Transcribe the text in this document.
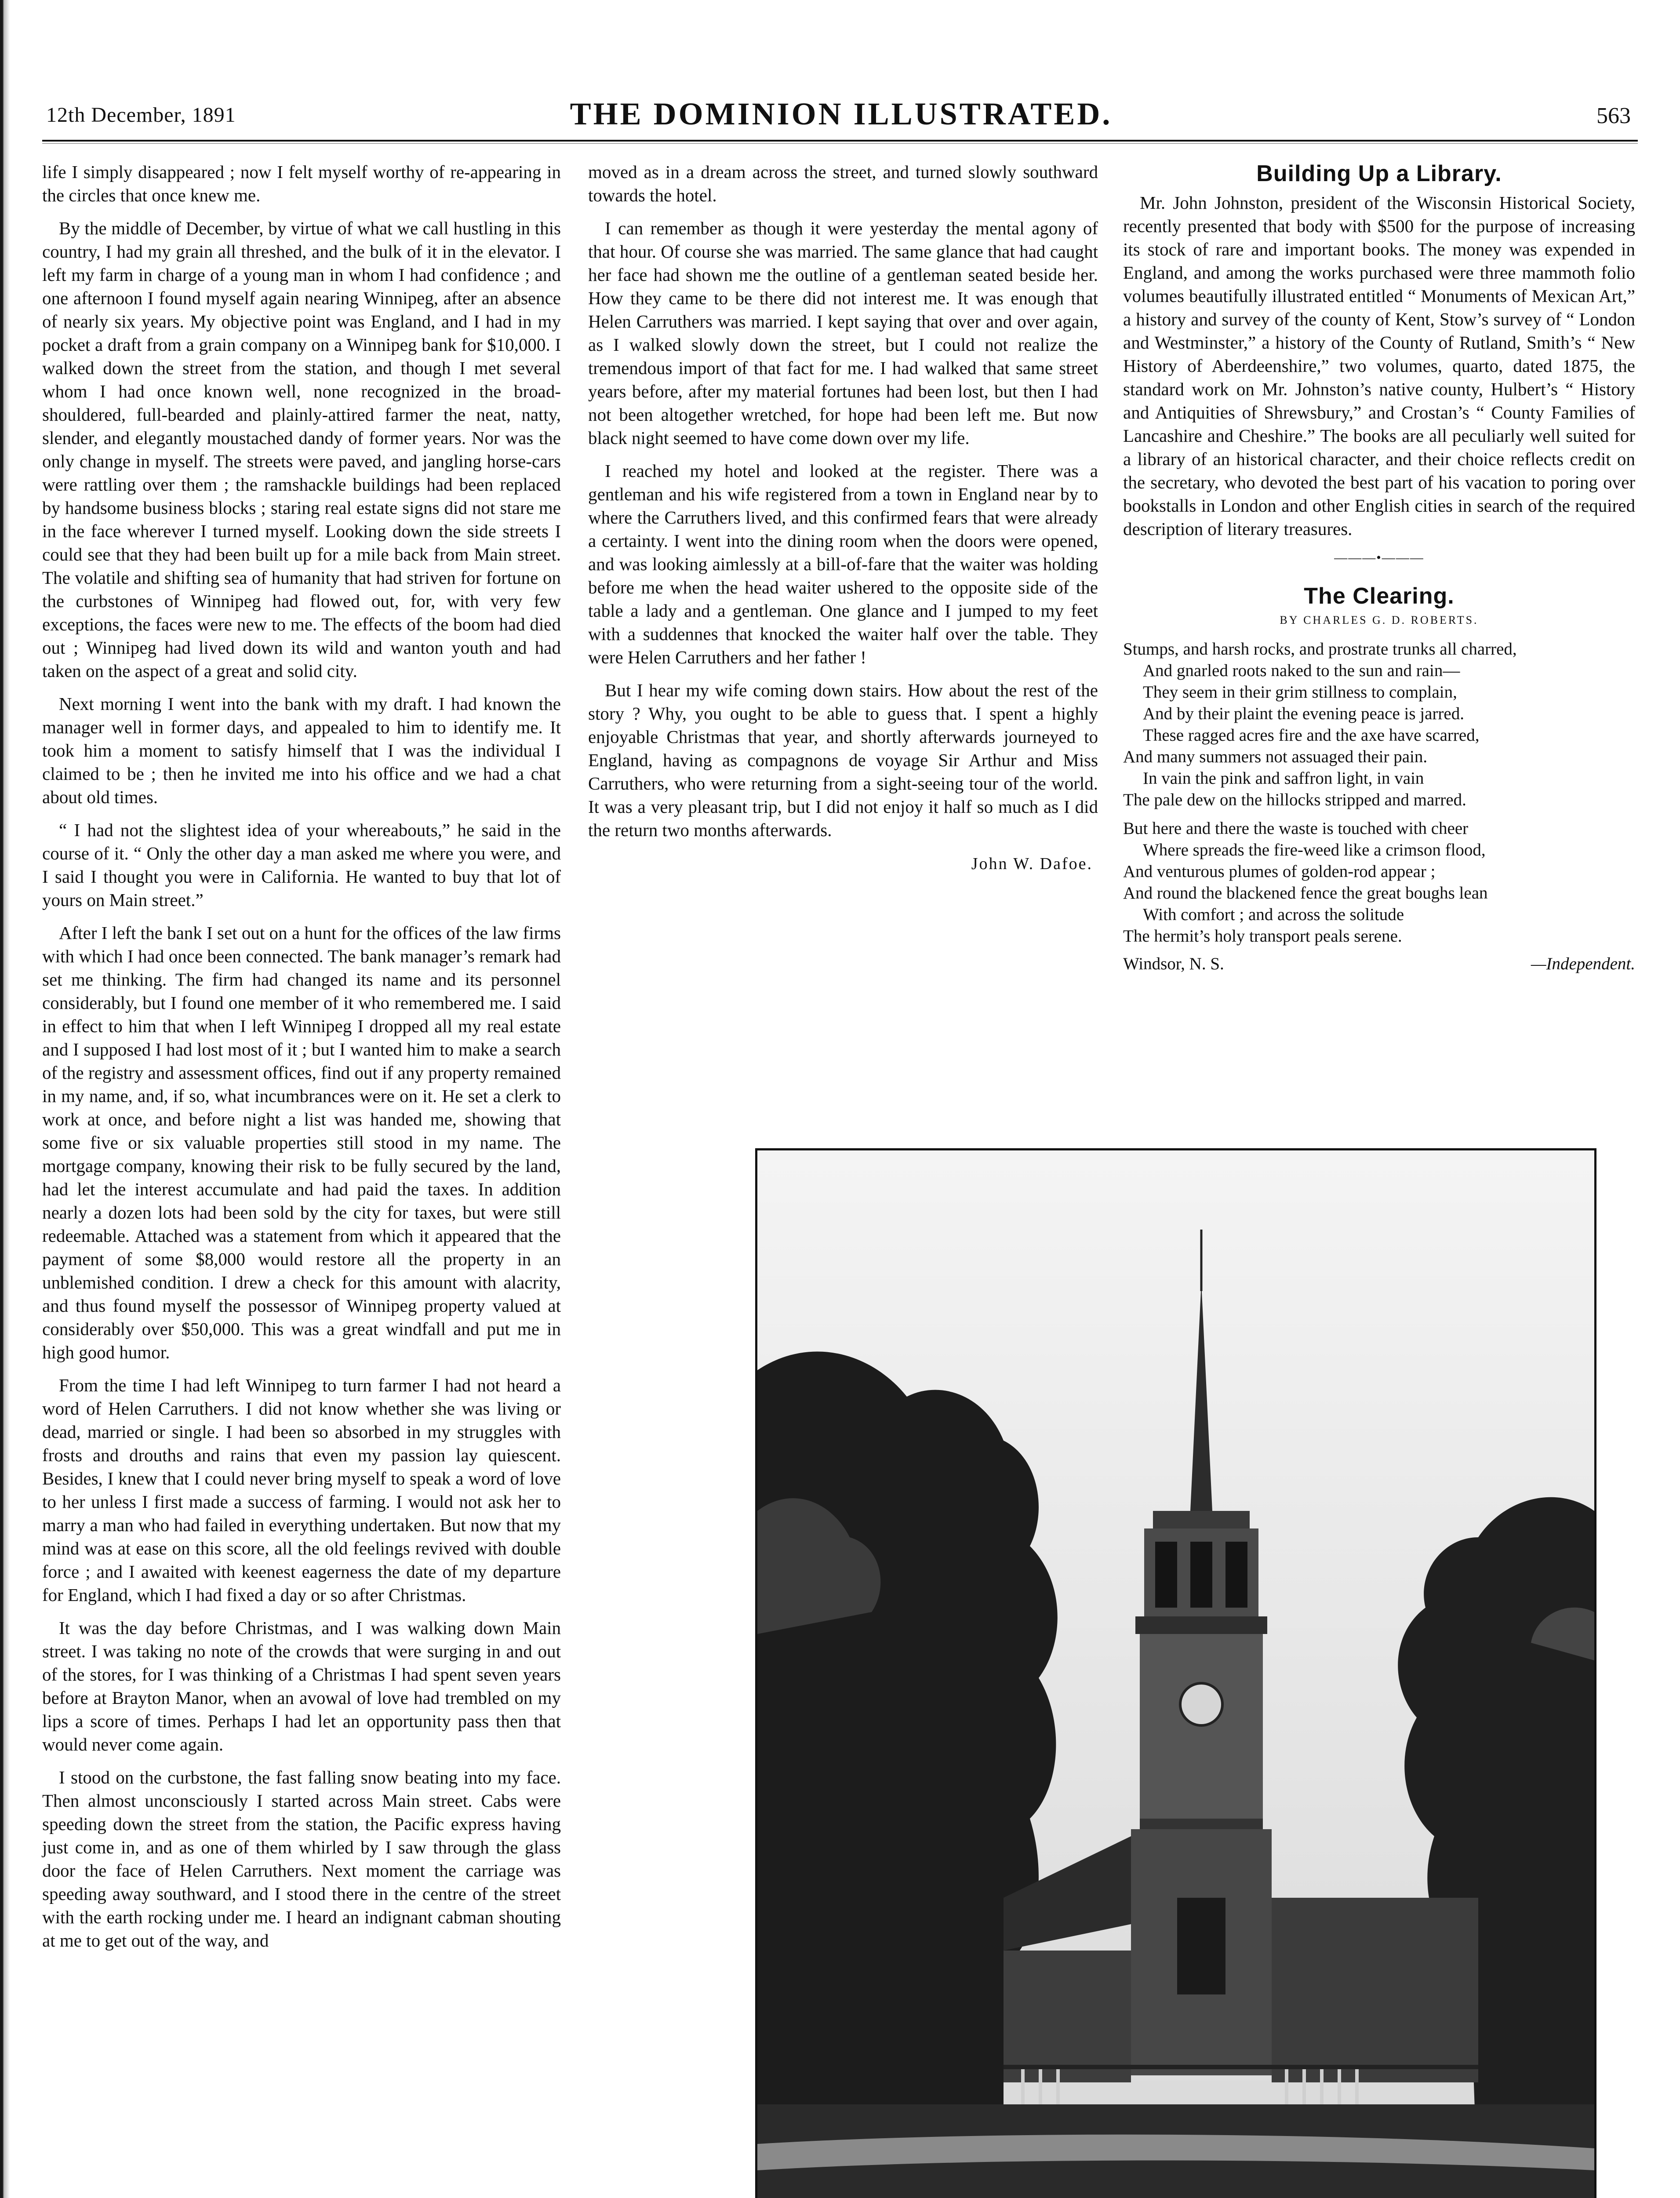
12th December, 1891	THE DOMINION ILLUSTRATED.	563

life I simply disappeared ; now I felt myself worthy of re-appearing in the circles that once knew me.

By the middle of December, by virtue of what we call hustling in this country, I had my grain all threshed, and the bulk of it in the elevator. I left my farm in charge of a young man in whom I had confidence ; and one afternoon I found myself again nearing Winnipeg, after an absence of nearly six years. My objective point was England, and I had in my pocket a draft from a grain company on a Winnipeg bank for $10,000. I walked down the street from the station, and though I met several whom I had once known well, none recognized in the broad-shouldered, full-bearded and plainly-attired farmer the neat, natty, slender, and elegantly moustached dandy of former years. Nor was the only change in myself. The streets were paved, and jangling horse-cars were rattling over them ; the ramshackle buildings had been replaced by handsome business blocks ; staring real estate signs did not stare me in the face wherever I turned myself. Looking down the side streets I could see that they had been built up for a mile back from Main street. The volatile and shifting sea of humanity that had striven for fortune on the curbstones of Winnipeg had flowed out, for, with very few exceptions, the faces were new to me. The effects of the boom had died out ; Winnipeg had lived down its wild and wanton youth and had taken on the aspect of a great and solid city.

Next morning I went into the bank with my draft. I had known the manager well in former days, and appealed to him to identify me. It took him a moment to satisfy himself that I was the individual I claimed to be ; then he invited me into his office and we had a chat about old times.

“ I had not the slightest idea of your whereabouts,” he said in the course of it. “ Only the other day a man asked me where you were, and I said I thought you were in California. He wanted to buy that lot of yours on Main street.”

After I left the bank I set out on a hunt for the offices of the law firms with which I had once been connected. The bank manager’s remark had set me thinking. The firm had changed its name and its personnel considerably, but I found one member of it who remembered me. I said in effect to him that when I left Winnipeg I dropped all my real estate and I supposed I had lost most of it ; but I wanted him to make a search of the registry and assessment offices, find out if any property remained in my name, and, if so, what incumbrances were on it. He set a clerk to work at once, and before night a list was handed me, showing that some five or six valuable properties still stood in my name. The mortgage company, knowing their risk to be fully secured by the land, had let the interest accumulate and had paid the taxes. In addition nearly a dozen lots had been sold by the city for taxes, but were still redeemable. Attached was a statement from which it appeared that the payment of some $8,000 would restore all the property in an unblemished condition. I drew a check for this amount with alacrity, and thus found myself the possessor of Winnipeg property valued at considerably over $50,000. This was a great windfall and put me in high good humor.

From the time I had left Winnipeg to turn farmer I had not heard a word of Helen Carruthers. I did not know whether she was living or dead, married or single. I had been so absorbed in my struggles with frosts and drouths and rains that even my passion lay quiescent. Besides, I knew that I could never bring myself to speak a word of love to her unless I first made a success of farming. I would not ask her to marry a man who had failed in everything undertaken. But now that my mind was at ease on this score, all the old feelings revived with double force ; and I awaited with keenest eagerness the date of my departure for England, which I had fixed a day or so after Christmas.

It was the day before Christmas, and I was walking down Main street. I was taking no note of the crowds that were surging in and out of the stores, for I was thinking of a Christmas I had spent seven years before at Brayton Manor, when an avowal of love had trembled on my lips a score of times. Perhaps I had let an opportunity pass then that would never come again.

I stood on the curbstone, the fast falling snow beating into my face. Then almost unconsciously I started across Main street. Cabs were speeding down the street from the station, the Pacific express having just come in, and as one of them whirled by I saw through the glass door the face of Helen Carruthers. Next moment the carriage was speeding away southward, and I stood there in the centre of the street with the earth rocking under me. I heard an indignant cabman shouting at me to get out of the way, and

moved as in a dream across the street, and turned slowly southward towards the hotel.

I can remember as though it were yesterday the mental agony of that hour. Of course she was married. The same glance that had caught her face had shown me the outline of a gentleman seated beside her. How they came to be there did not interest me. It was enough that Helen Carruthers was married. I kept saying that over and over again, as I walked slowly down the street, but I could not realize the tremendous import of that fact for me. I had walked that same street years before, after my material fortunes had been lost, but then I had not been altogether wretched, for hope had been left me. But now black night seemed to have come down over my life.

I reached my hotel and looked at the register. There was a gentleman and his wife registered from a town in England near by to where the Carruthers lived, and this confirmed fears that were already a certainty. I went into the dining room when the doors were opened, and was looking aimlessly at a bill-of-fare that the waiter was holding before me when the head waiter ushered to the opposite side of the table a lady and a gentleman. One glance and I jumped to my feet with a suddennes that knocked the waiter half over the table. They were Helen Carruthers and her father !

But I hear my wife coming down stairs. How about the rest of the story ? Why, you ought to be able to guess that. I spent a highly enjoyable Christmas that year, and shortly afterwards journeyed to England, having as compagnons de voyage Sir Arthur and Miss Carruthers, who were returning from a sight-seeing tour of the world. It was a very pleasant trip, but I did not enjoy it half so much as I did the return two months afterwards.

John W. Dafoe.
Building Up a Library.

Mr. John Johnston, president of the Wisconsin Historical Society, recently presented that body with $500 for the purpose of increasing its stock of rare and important books. The money was expended in England, and among the works purchased were three mammoth folio volumes beautifully illustrated entitled “ Monuments of Mexican Art,” a history and survey of the county of Kent, Stow’s survey of “ London and Westminster,” a history of the County of Rutland, Smith’s “ New History of Aberdeenshire,” two volumes, quarto, dated 1875, the standard work on Mr. Johnston’s native county, Hulbert’s “ History and Antiquities of Shrewsbury,” and Crostan’s “ County Families of Lancashire and Cheshire.” The books are all peculiarly well suited for a library of an historical character, and their choice reflects credit on the secretary, who devoted the best part of his vacation to poring over bookstalls in London and other English cities in search of the required description of literary treasures.

———•———
The Clearing.
BY CHARLES G. D. ROBERTS.
Stumps, and harsh rocks, and prostrate trunks all charred,
And gnarled roots naked to the sun and rain—
They seem in their grim stillness to complain,
And by their plaint the evening peace is jarred.
These ragged acres fire and the axe have scarred,
And many summers not assuaged their pain.
In vain the pink and saffron light, in vain
The pale dew on the hillocks stripped and marred.
But here and there the waste is touched with cheer
Where spreads the fire-weed like a crimson flood,
And venturous plumes of golden-rod appear ;
And round the blackened fence the great boughs lean
With comfort ; and across the solitude
The hermit’s holy transport peals serene.
Windsor, N. S.	—Independent.
